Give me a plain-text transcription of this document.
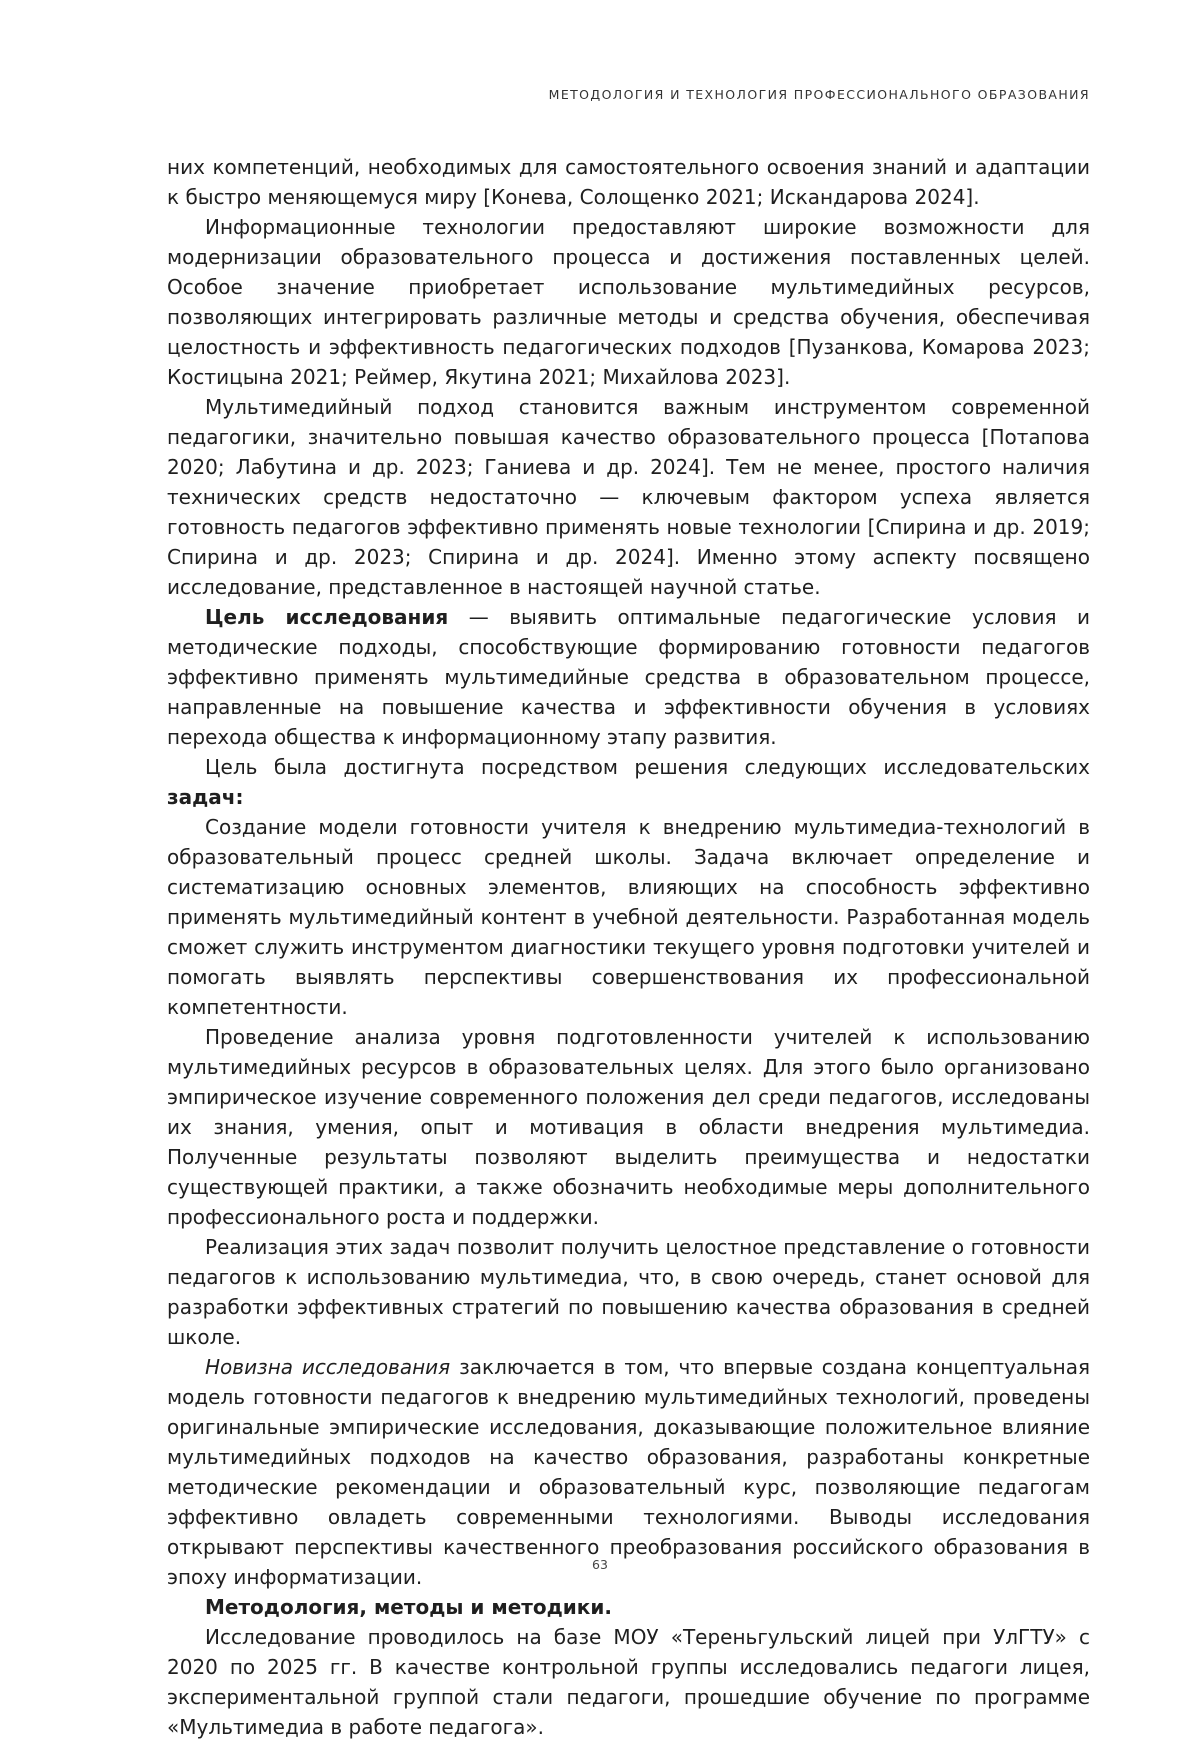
МЕТОДОЛОГИЯ И ТЕХНОЛОГИЯ ПРОФЕССИОНАЛЬНОГО ОБРАЗОВАНИЯ

них компетенций, необходимых для самостоятельного освоения знаний и адаптации к быстро меняющемуся миру [Конева, Солощенко 2021; Искандарова 2024].

Информационные технологии предоставляют широкие возможности для модернизации образовательного процесса и достижения поставленных целей. Особое значение приобретает использование мультимедийных ресурсов, позволяющих интегрировать различные методы и средства обучения, обеспечивая целостность и эффективность педагогических подходов [Пузанкова, Комарова 2023; Костицына 2021; Реймер, Якутина 2021; Михайлова 2023].

Мультимедийный подход становится важным инструментом современной педагогики, значительно повышая качество образовательного процесса [Потапова 2020; Лабутина и др. 2023; Ганиева и др. 2024]. Тем не менее, простого наличия технических средств недостаточно — ключевым фактором успеха является готовность педагогов эффективно применять новые технологии [Спирина и др. 2019; Спирина и др. 2023; Спирина и др. 2024]. Именно этому аспекту посвящено исследование, представленное в настоящей научной статье.

Цель исследования — выявить оптимальные педагогические условия и методические подходы, способствующие формированию готовности педагогов эффективно применять мультимедийные средства в образовательном процессе, направленные на повышение качества и эффективности обучения в условиях перехода общества к информационному этапу развития.

Цель была достигнута посредством решения следующих исследовательских задач:

Создание модели готовности учителя к внедрению мультимедиа-технологий в образовательный процесс средней школы. Задача включает определение и систематизацию основных элементов, влияющих на способность эффективно применять мультимедийный контент в учебной деятельности. Разработанная модель сможет служить инструментом диагностики текущего уровня подготовки учителей и помогать выявлять перспективы совершенствования их профессиональной компетентности.

Проведение анализа уровня подготовленности учителей к использованию мультимедийных ресурсов в образовательных целях. Для этого было организовано эмпирическое изучение современного положения дел среди педагогов, исследованы их знания, умения, опыт и мотивация в области внедрения мультимедиа. Полученные результаты позволяют выделить преимущества и недостатки существующей практики, а также обозначить необходимые меры дополнительного профессионального роста и поддержки.

Реализация этих задач позволит получить целостное представление о готовности педагогов к использованию мультимедиа, что, в свою очередь, станет основой для разработки эффективных стратегий по повышению качества образования в средней школе.

Новизна исследования заключается в том, что впервые создана концептуальная модель готовности педагогов к внедрению мультимедийных технологий, проведены оригинальные эмпирические исследования, доказывающие положительное влияние мультимедийных подходов на качество образования, разработаны конкретные методические рекомендации и образовательный курс, позволяющие педагогам эффективно овладеть современными технологиями. Выводы исследования открывают перспективы качественного преобразования российского образования в эпоху информатизации.

Методология, методы и методики.

Исследование проводилось на базе МОУ «Тереньгульский лицей при УлГТУ» с 2020 по 2025 гг. В качестве контрольной группы исследовались педагоги лицея, экспериментальной группой стали педагоги, прошедшие обучение по программе «Мультимедиа в работе педагога».

63
